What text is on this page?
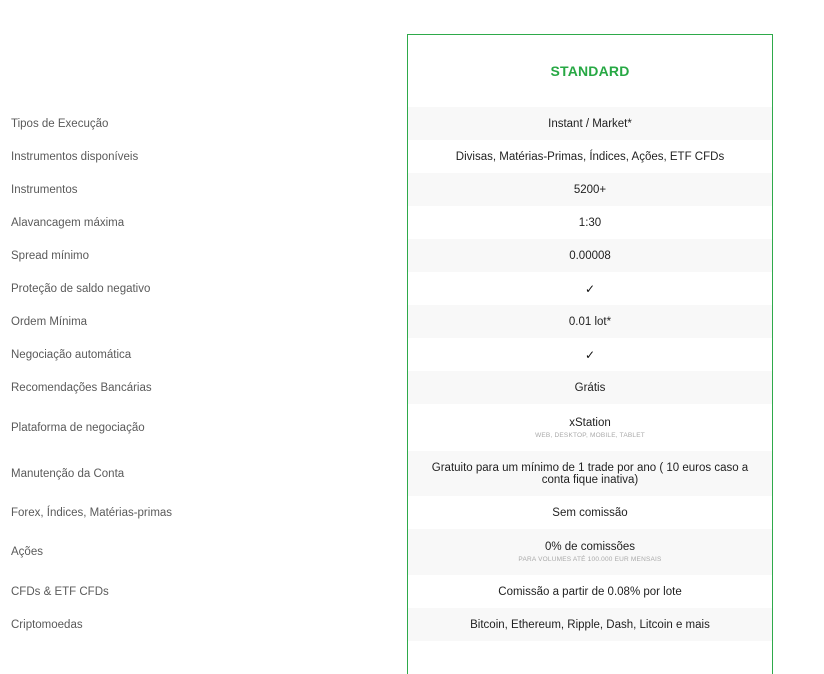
Tipos de Execução
Instrumentos disponíveis
Instrumentos
Alavancagem máxima
Spread mínimo
Proteção de saldo negativo
Ordem Mínima
Negociação automática
Recomendações Bancárias
Plataforma de negociação
Manutenção da Conta
Forex, Índices, Matérias-primas
Ações
CFDs & ETF CFDs
Criptomoedas
STANDARD
Instant / Market*
Divisas, Matérias-Primas, Índices, Ações, ETF CFDs
5200+
1:30
0.00008
✓
0.01 lot*
✓
Grátis
xStation
WEB, DESKTOP, MOBILE, TABLET
Gratuito para um mínimo de 1 trade por ano ( 10 euros caso a conta fique inativa)
Sem comissão
0% de comissões
PARA VOLUMES ATÉ 100.000 EUR MENSAIS
Comissão a partir de 0.08% por lote
Bitcoin, Ethereum, Ripple, Dash, Litcoin e mais
